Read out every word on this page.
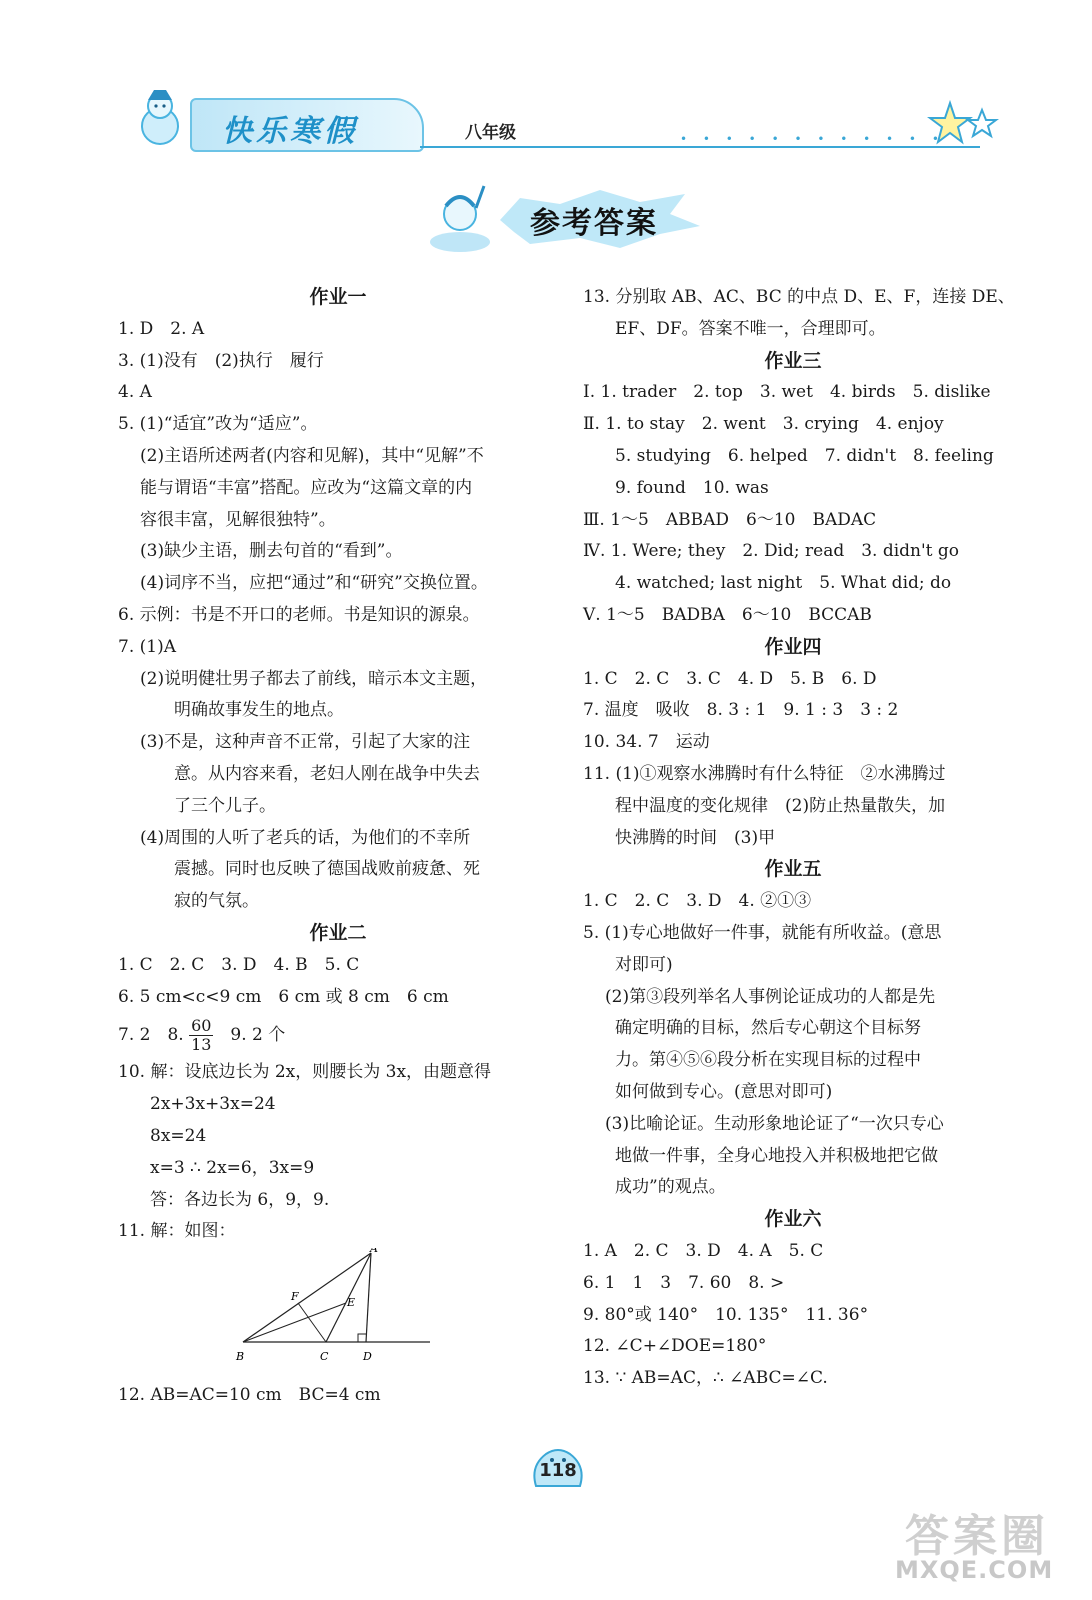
快乐寒假	八年级	• • • • • • • • • • • • •
参考答案
作业一
1. D　2. A
3. (1)没有　(2)执行　履行
4. A
5. (1)“适宜”改为“适应”。
(2)主语所述两者(内容和见解)，其中“见解”不
能与谓语“丰富”搭配。应改为“这篇文章的内
容很丰富，见解很独特”。
(3)缺少主语，删去句首的“看到”。
(4)词序不当，应把“通过”和“研究”交换位置。
6. 示例：书是不开口的老师。书是知识的源泉。
7. (1)A
(2)说明健壮男子都去了前线，暗示本文主题，
明确故事发生的地点。
(3)不是，这种声音不正常，引起了大家的注
意。从内容来看，老妇人刚在战争中失去
了三个儿子。
(4)周围的人听了老兵的话，为他们的不幸所
震撼。同时也反映了德国战败前疲惫、死
寂的气氛。
作业二
1. C　2. C　3. D　4. B　5. C
6. 5 cm<c<9 cm　6 cm 或 8 cm　6 cm
7. 2　8. $\frac{60}{13}$ 　9. 2 个
10. 解：设底边长为 2x，则腰长为 3x，由题意得
2x+3x+3x=24
8x=24
x=3 ∴ 2x=6，3x=9
答：各边长为 6，9，9.
11. 解：如图：
B	C	D
A
E
F
12. AB=AC=10 cm　BC=4 cm
13. 分别取 AB、AC、BC 的中点 D、E、F，连接 DE、
EF、DF。答案不唯一，合理即可。
作业三
Ⅰ. 1. trader　2. top　3. wet　4. birds　5. dislike
Ⅱ. 1. to stay　2. went　3. crying　4. enjoy
5. studying　6. helped　7. didn't　8. feeling
9. found　10. was
Ⅲ. 1～5　ABBAD　6～10　BADAC
Ⅳ. 1. Were; they　2. Did; read　3. didn't go
4. watched; last night　5. What did; do
Ⅴ. 1～5　BADBA　6～10　BCCAB
作业四
1. C　2. C　3. C　4. D　5. B　6. D
7. 温度　吸收　8. 3 : 1　9. 1 : 3　3 : 2
10. 34. 7　运动
11. (1)①观察水沸腾时有什么特征　②水沸腾过
程中温度的变化规律　(2)防止热量散失，加
快沸腾的时间　(3)甲
作业五
1. C　2. C　3. D　4. ②①③
5. (1)专心地做好一件事，就能有所收益。(意思
对即可)
(2)第③段列举名人事例论证成功的人都是先
确定明确的目标，然后专心朝这个目标努
力。第④⑤⑥段分析在实现目标的过程中
如何做到专心。(意思对即可)
(3)比喻论证。生动形象地论证了“一次只专心
地做一件事，全身心地投入并积极地把它做
成功”的观点。
作业六
1. A　2. C　3. D　4. A　5. C
6. 1　1　3　7. 60　8. >
9. 80°或 140°　10. 135°　11. 36°
12. ∠C+∠DOE=180°
13. ∵ AB=AC，∴ ∠ABC=∠C.
118
答案圈
MXQE.COM
